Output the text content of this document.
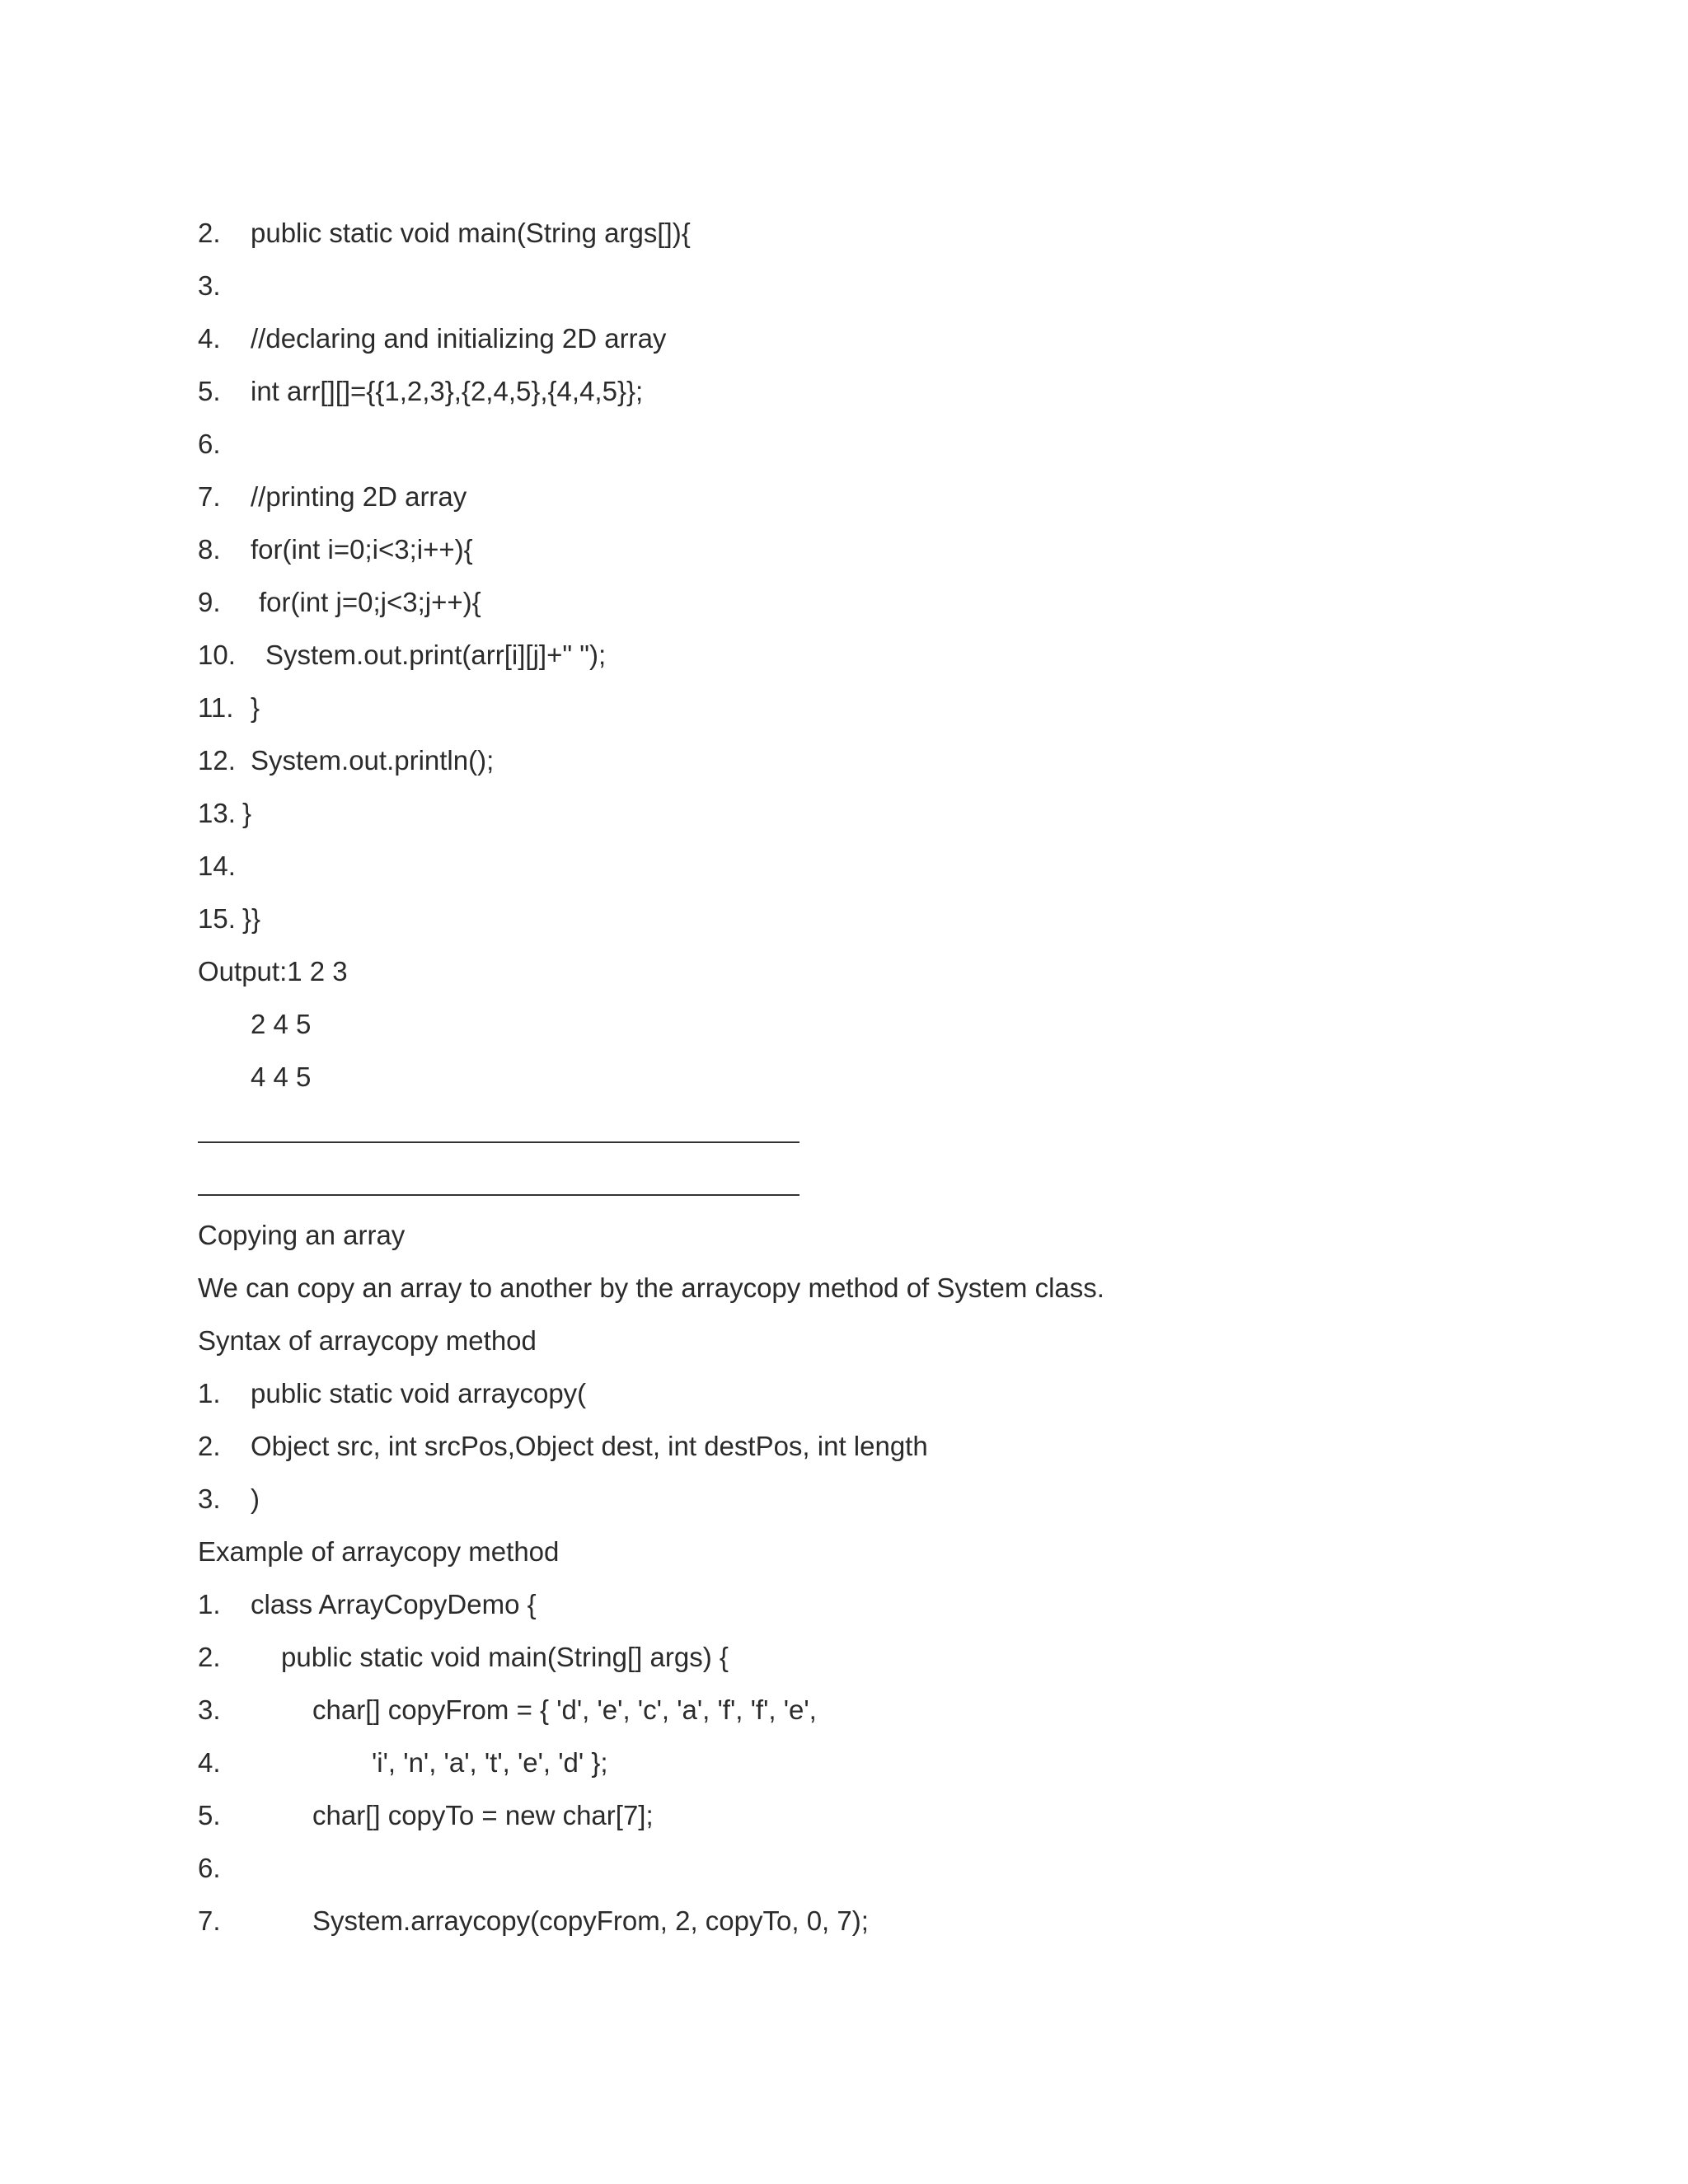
2. public static void main(String args[]){
3.
4. //declaring and initializing 2D array
5. int arr[][]={{1,2,3},{2,4,5},{4,4,5}};
6.
7. //printing 2D array
8. for(int i=0;i<3;i++){
9. for(int j=0;j<3;j++){
10. System.out.print(arr[i][j]+" ");
11. }
12. System.out.println();
13. }
14.
15. }}
Output:1 2 3
2 4 5
4 4 5
Copying an array
We can copy an array to another by the arraycopy method of System class.
Syntax of arraycopy method
1. public static void arraycopy(
2. Object src, int srcPos,Object dest, int destPos, int length
3. )
Example of arraycopy method
1. class ArrayCopyDemo {
2. public static void main(String[] args) {
3.	char[] copyFrom = { 'd', 'e', 'c', 'a', 'f', 'f', 'e',
4.	'i', 'n', 'a', 't', 'e', 'd' };
5.	char[] copyTo = new char[7];
6.
7.	System.arraycopy(copyFrom, 2, copyTo, 0, 7);
